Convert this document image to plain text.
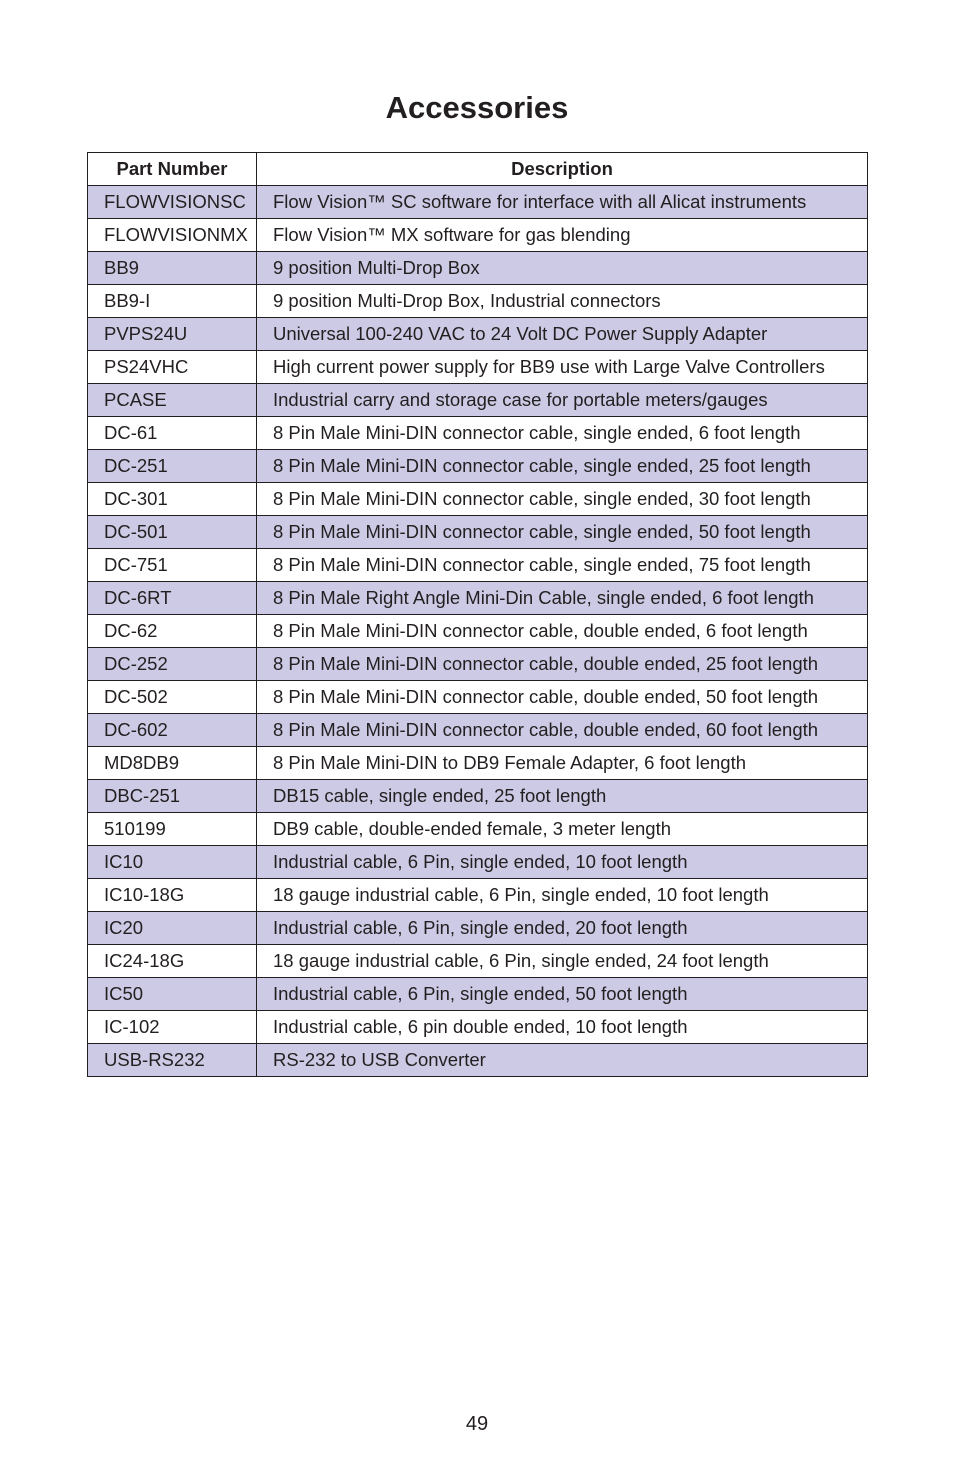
Accessories
Part Number	Description
FLOWVISIONSC	Flow Vision™ SC software for interface with all Alicat instruments
FLOWVISIONMX	Flow Vision™ MX software for gas blending
BB9	9 position Multi-Drop Box
BB9-I	9 position Multi-Drop Box, Industrial connectors
PVPS24U	Universal 100-240 VAC to 24 Volt DC Power Supply Adapter
PS24VHC	High current power supply for BB9 use with Large Valve Controllers
PCASE	Industrial carry and storage case for portable meters/gauges
DC-61	8 Pin Male Mini-DIN connector cable, single ended, 6 foot length
DC-251	8 Pin Male Mini-DIN connector cable, single ended, 25 foot length
DC-301	8 Pin Male Mini-DIN connector cable, single ended, 30 foot length
DC-501	8 Pin Male Mini-DIN connector cable, single ended, 50 foot length
DC-751	8 Pin Male Mini-DIN connector cable, single ended, 75 foot length
DC-6RT	8 Pin Male Right Angle Mini-Din Cable, single ended, 6 foot length
DC-62	8 Pin Male Mini-DIN connector cable, double ended, 6 foot length
DC-252	8 Pin Male Mini-DIN connector cable, double ended, 25 foot length
DC-502	8 Pin Male Mini-DIN connector cable, double ended, 50 foot length
DC-602	8 Pin Male Mini-DIN connector cable, double ended, 60 foot length
MD8DB9	8 Pin Male Mini-DIN to DB9 Female Adapter, 6 foot length
DBC-251	DB15 cable, single ended, 25 foot length
510199	DB9 cable, double-ended female, 3 meter length
IC10	Industrial cable, 6 Pin, single ended, 10 foot length
IC10-18G	18 gauge industrial cable, 6 Pin, single ended, 10 foot length
IC20	Industrial cable, 6 Pin, single ended, 20 foot length
IC24-18G	18 gauge industrial cable, 6 Pin, single ended, 24 foot length
IC50	Industrial cable, 6 Pin, single ended, 50 foot length
IC-102	Industrial cable, 6 pin double ended, 10 foot length
USB-RS232	RS-232 to USB Converter
49
